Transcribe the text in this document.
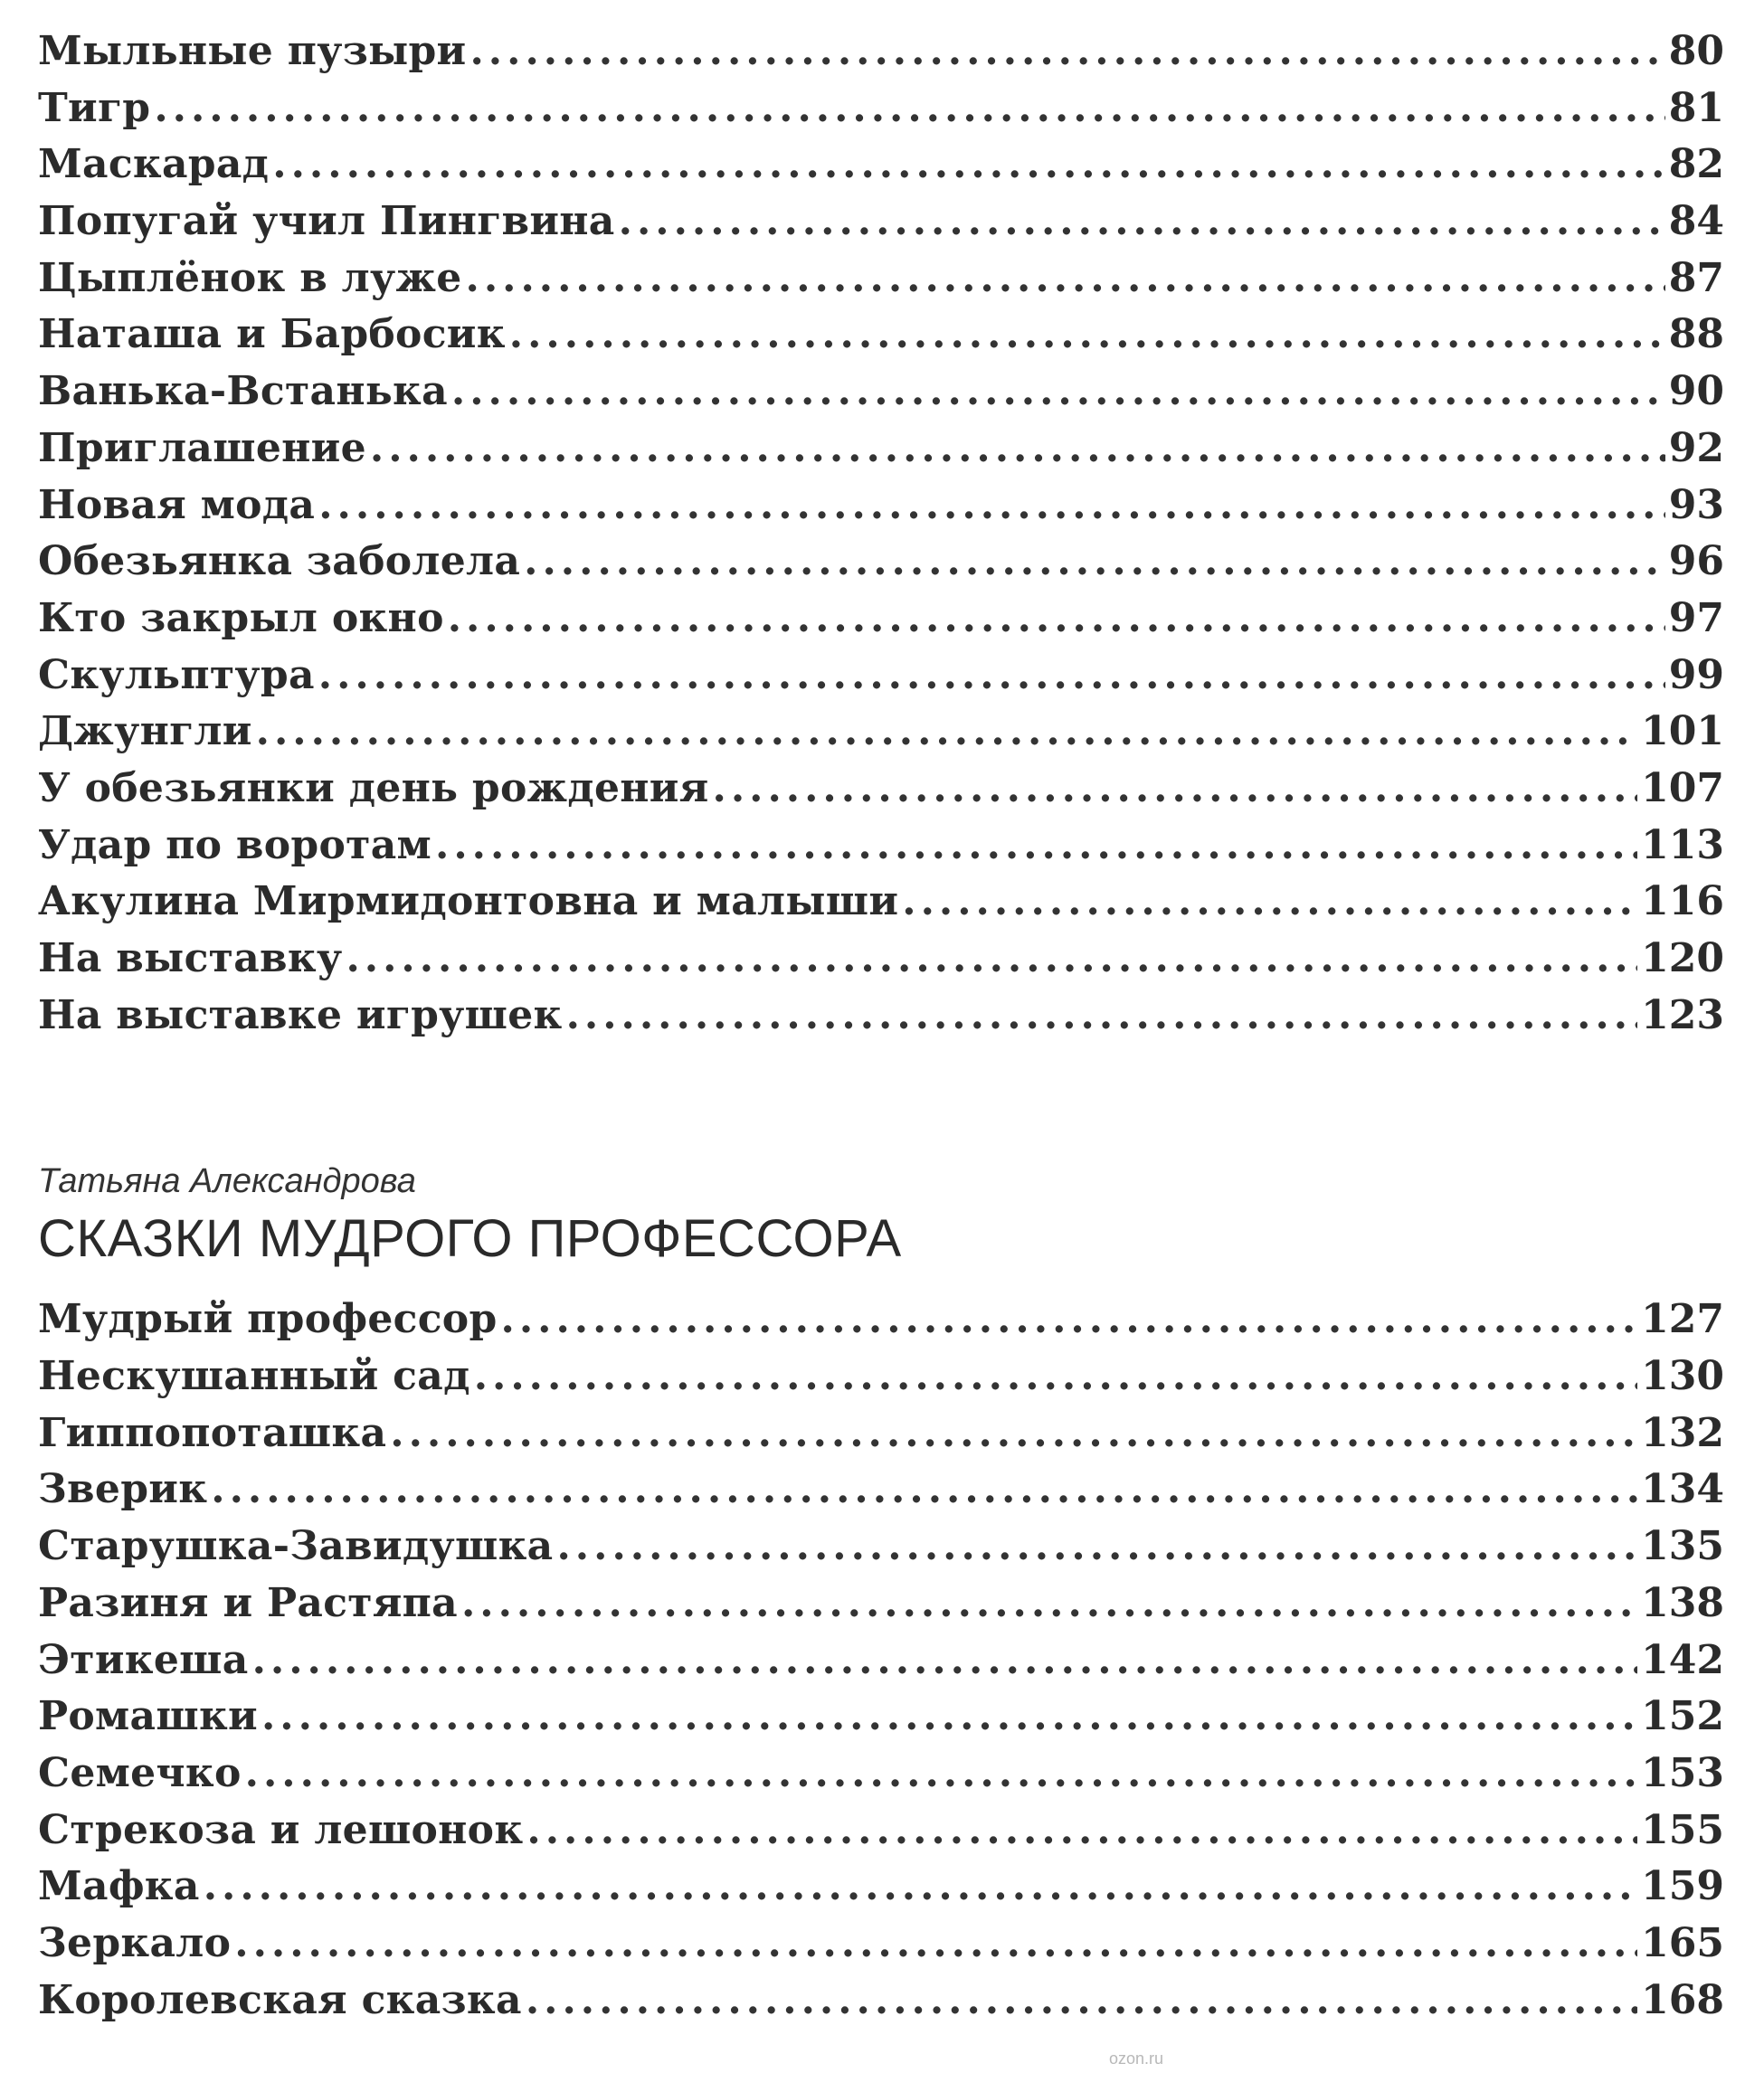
Мыльные пузыри .....	80
Тигр .....	81
Маскарад .....	82
Попугай учил Пингвина .....	84
Цыплёнок в луже .....	87
Наташа и Барбосик .....	88
Ванька-Встанька .....	90
Приглашение .....	92
Новая мода .....	93
Обезьянка заболела .....	96
Кто закрыл окно .....	97
Скульптура .....	99
Джунгли .....	101
У обезьянки день рождения .....	107
Удар по воротам .....	113
Акулина Мирмидонтовна и малыши .....	116
На выставку .....	120
На выставке игрушек .....	123

Татьяна Александрова

СКАЗКИ МУДРОГО ПРОФЕССОРА
Мудрый профессор .....	127
Нескушанный сад .....	130
Гиппопоташка .....	132
Зверик .....	134
Старушка-Завидушка .....	135
Разиня и Растяпа .....	138
Этикеша .....	142
Ромашки .....	152
Семечко .....	153
Стрекоза и лешонок .....	155
Мафка .....	159
Зеркало .....	165
Королевская сказка .....	168
ozon.ru
